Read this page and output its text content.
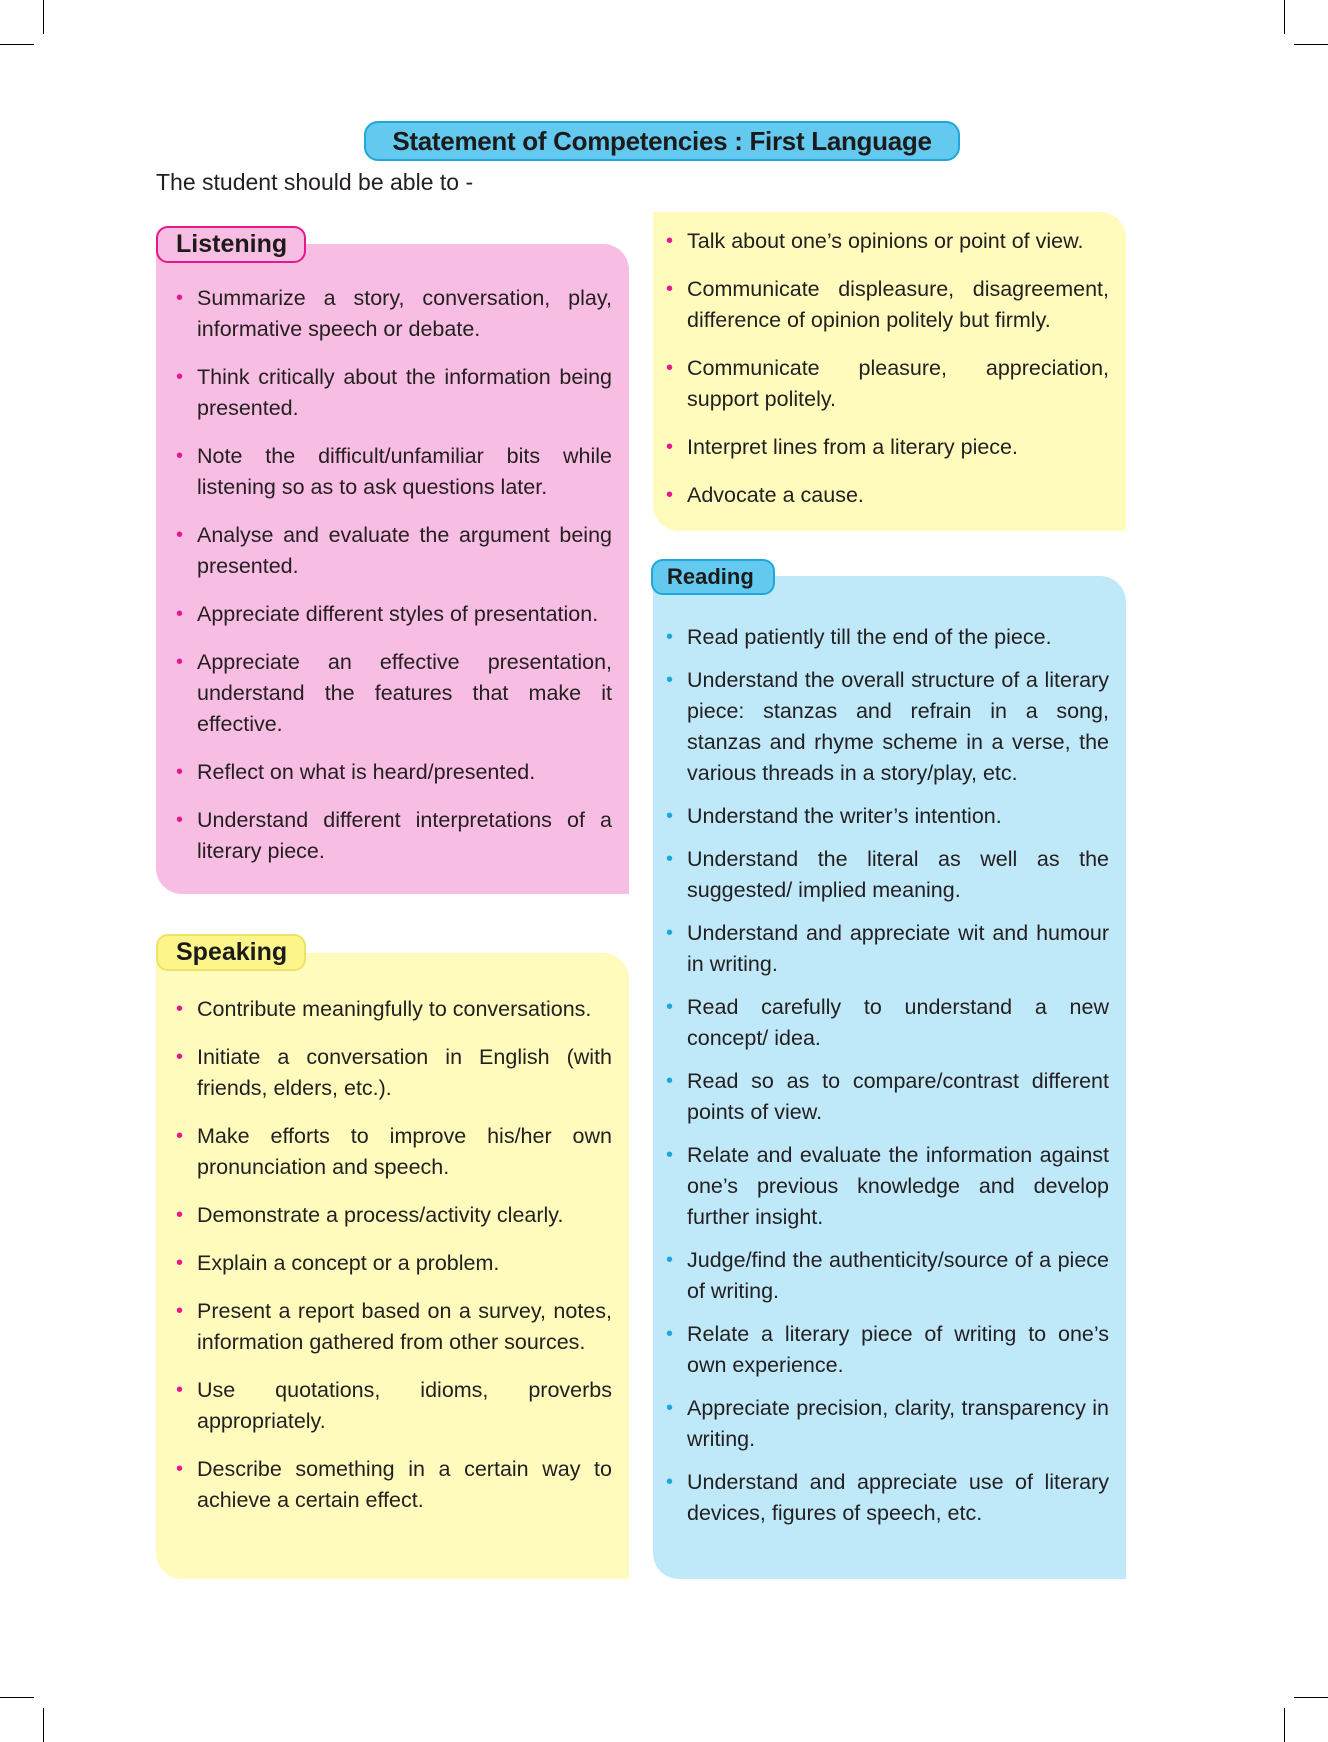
Statement of Competencies : First Language
The student should be able to -
Listening
• Summarize a story, conversation, play, informative speech or debate.
• Think critically about the information being presented.
• Note the difficult/unfamiliar bits while listening so as to ask questions later.
• Analyse and evaluate the argument being presented.
• Appreciate different styles of presentation.
• Appreciate an effective presentation, understand the features that make it effective.
• Reflect on what is heard/presented.
• Understand different interpretations of a literary piece.
Speaking
• Contribute meaningfully to conversations.
• Initiate a conversation in English (with friends, elders, etc.).
• Make efforts to improve his/her own pronunciation and speech.
• Demonstrate a process/activity clearly.
• Explain a concept or a problem.
• Present a report based on a survey, notes, information gathered from other sources.
• Use quotations, idioms, proverbs appropriately.
• Describe something in a certain way to achieve a certain effect.
• Talk about one’s opinions or point of view.
• Communicate displeasure, disagreement, difference of opinion politely but firmly.
• Communicate pleasure, appreciation, support politely.
• Interpret lines from a literary piece.
• Advocate a cause.
Reading
• Read patiently till the end of the piece.
• Understand the overall structure of a literary piece: stanzas and refrain in a song, stanzas and rhyme scheme in a verse, the various threads in a story/play, etc.
• Understand the writer’s intention.
• Understand the literal as well as the suggested/ implied meaning.
• Understand and appreciate wit and humour in writing.
• Read carefully to understand a new concept/ idea.
• Read so as to compare/contrast different points of view.
• Relate and evaluate the information against one’s previous knowledge and develop further insight.
• Judge/find the authenticity/source of a piece of writing.
• Relate a literary piece of writing to one’s own experience.
• Appreciate precision, clarity, transparency in writing.
• Understand and appreciate use of literary devices, figures of speech, etc.
